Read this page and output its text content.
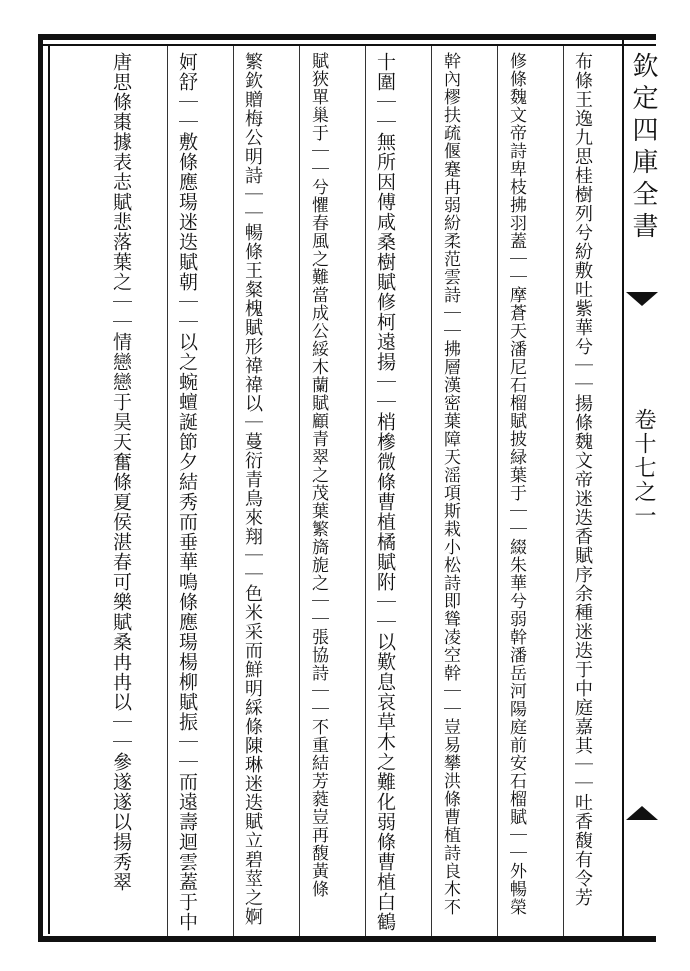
欽定四庫全書
卷十七之一
布條王逸九思桂樹列兮紛敷吐紫華兮｜｜揚條魏文帝迷迭香賦序余種迷迭于中庭嘉其｜｜吐香馥有令芳
修條魏文帝詩卑枝拂羽蓋｜｜摩蒼天潘尼石榴賦披緑葉于｜｜綴朱華兮弱幹潘岳河陽庭前安石榴賦｜｜外暢榮
幹內樛扶疏偃蹇冉弱紛柔范雲詩｜｜拂層漢密葉障天滛項斯栽小松詩即聳凌空幹｜｜豈易攀洪條曹植詩良木不
十圍｜｜無所因傅咸桑樹賦修柯遠揚｜｜梢槮微條曹植橘賦附｜｜以歎息哀草木之難化弱條曹植白鶴
賦狹單巢于｜｜兮懼春風之難當成公綏木蘭賦顧青翠之茂葉繁旖旎之｜｜張協詩｜｜不重結芳蕤豈再馥黃條
繁欽贈梅公明詩｜｜暢條王粲槐賦形禕禕以｜蔓衍青鳥來翔｜｜色米采而鮮明綵條陳琳迷迭賦立碧莖之婀
妸舒｜｜敷條應瑒迷迭賦朝｜｜以之蜿蟺誕節夕結秀而垂華鳴條應瑒楊柳賦振｜｜而遠壽迴雲蓋于中
唐思條棗據表志賦悲落葉之｜｜情戀戀于昊天奮條夏侯湛春可樂賦桑冉冉以｜｜參遂遂以揚秀翠
